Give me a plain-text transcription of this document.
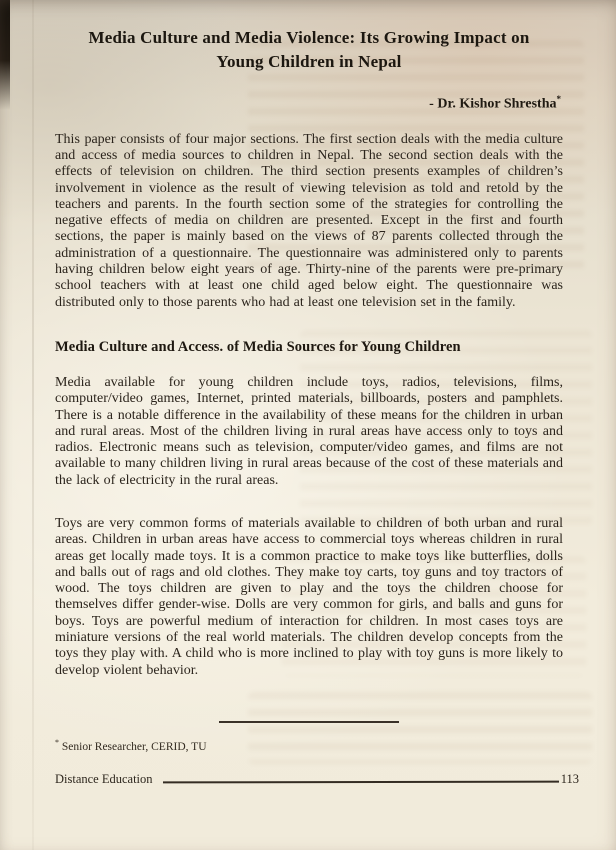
Media Culture and Media Violence: Its Growing Impact on Young Children in Nepal
- Dr. Kishor Shrestha*

This paper consists of four major sections. The first section deals with the media culture and access of media sources to children in Nepal. The second section deals with the effects of television on children. The third section presents examples of children’s involvement in violence as the result of viewing television as told and retold by the teachers and parents. In the fourth section some of the strategies for controlling the negative effects of media on children are presented. Except in the first and fourth sections, the paper is mainly based on the views of 87 parents collected through the administration of a questionnaire. The questionnaire was administered only to parents having children below eight years of age. Thirty-nine of the parents were pre-primary school teachers with at least one child aged below eight. The questionnaire was distributed only to those parents who had at least one television set in the family.

Media Culture and Access. of Media Sources for Young Children

Media available for young children include toys, radios, televisions, films, computer/video games, Internet, printed materials, billboards, posters and pamphlets. There is a notable difference in the availability of these means for the children in urban and rural areas. Most of the children living in rural areas have access only to toys and radios. Electronic means such as television, computer/video games, and films are not available to many children living in rural areas because of the cost of these materials and the lack of electricity in the rural areas.

Toys are very common forms of materials available to children of both urban and rural areas. Children in urban areas have access to commercial toys whereas children in rural areas get locally made toys. It is a common practice to make toys like butterflies, dolls and balls out of rags and old clothes. They make toy carts, toy guns and toy tractors of wood. The toys children are given to play and the toys the children choose for themselves differ gender-wise. Dolls are very common for girls, and balls and guns for boys. Toys are powerful medium of interaction for children. In most cases toys are miniature versions of the real world materials. The children develop concepts from the toys they play with. A child who is more inclined to play with toy guns is more likely to develop violent behavior.

* Senior Researcher, CERID, TU
Distance Education	113
